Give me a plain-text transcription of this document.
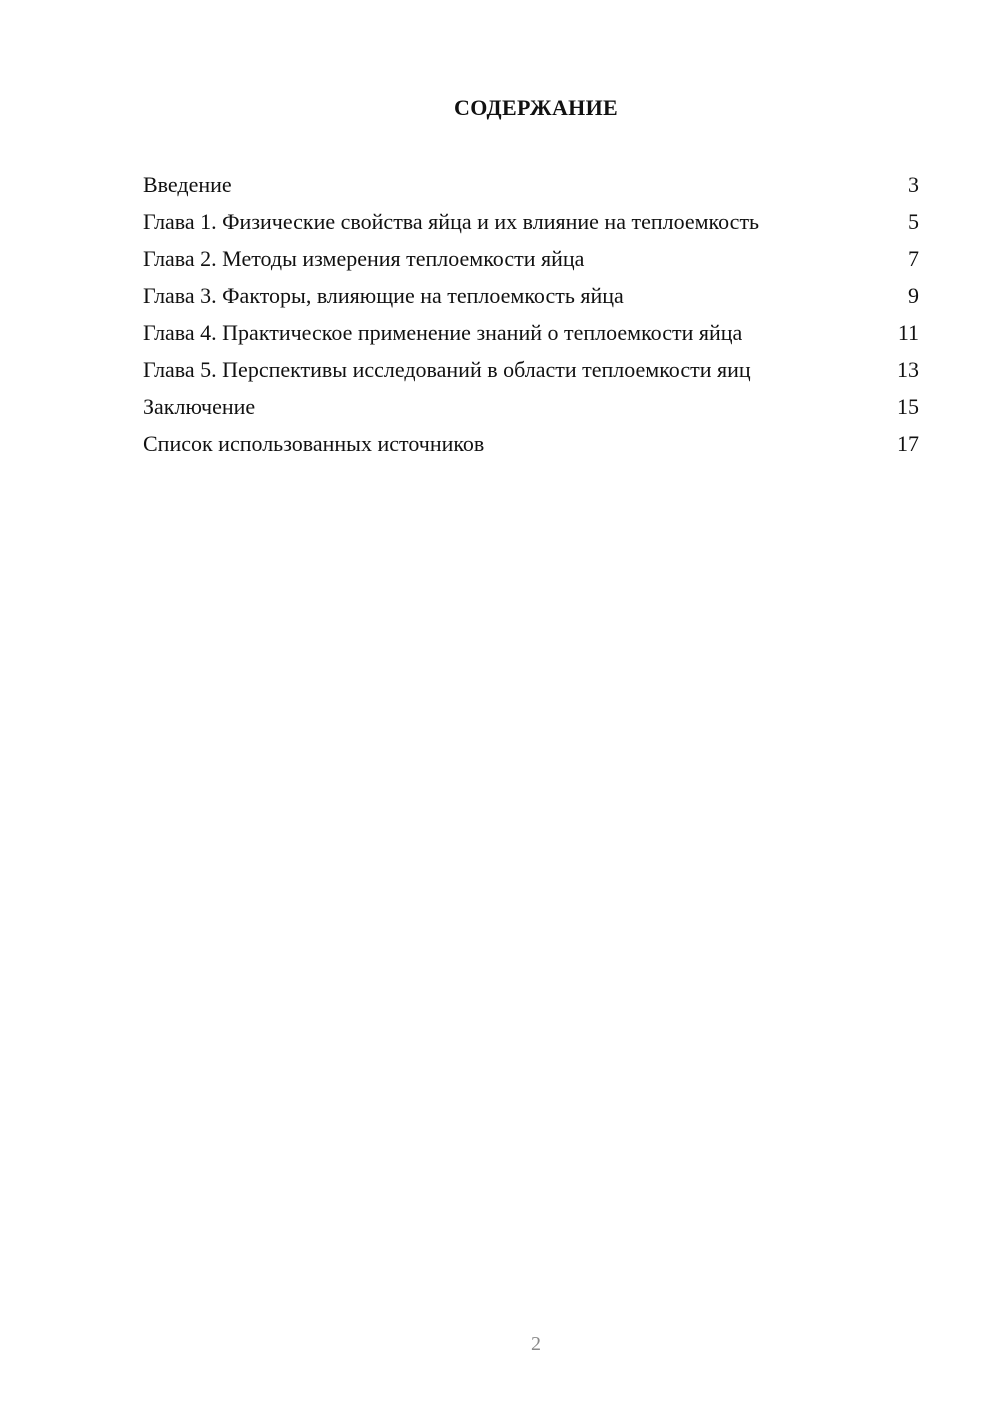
СОДЕРЖАНИЕ
Введение	3
Глава 1. Физические свойства яйца и их влияние на теплоемкость	5
Глава 2. Методы измерения теплоемкости яйца	7
Глава 3. Факторы, влияющие на теплоемкость яйца	9
Глава 4. Практическое применение знаний о теплоемкости яйца	11
Глава 5. Перспективы исследований в области теплоемкости яиц	13
Заключение	15
Список использованных источников	17
2
